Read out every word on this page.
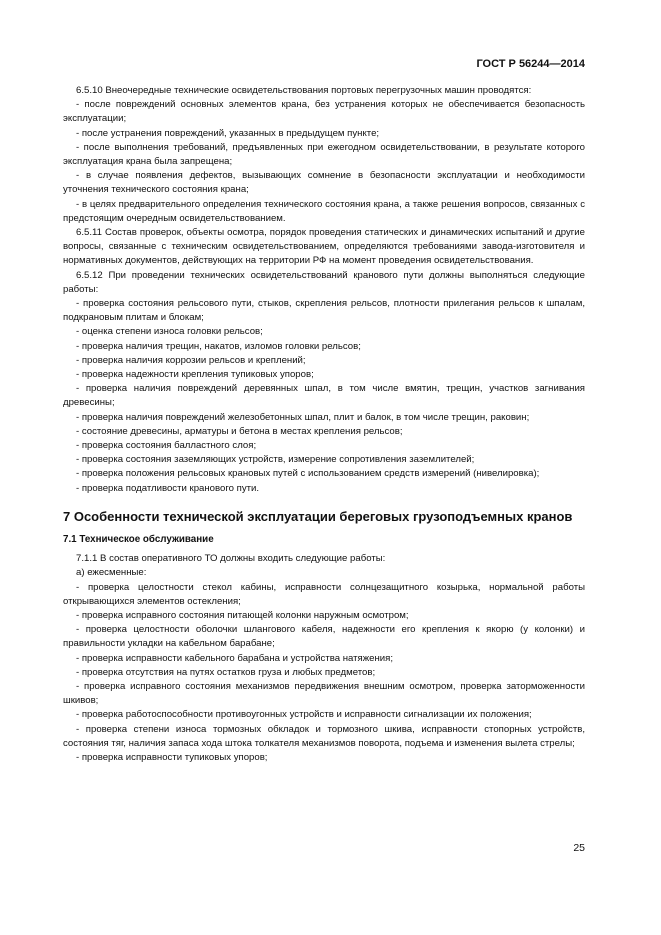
ГОСТ Р 56244—2014

6.5.10 Внеочередные технические освидетельствования портовых перегрузочных машин проводятся:

- после повреждений основных элементов крана, без устранения которых не обеспечивается безопасность эксплуатации;

- после устранения повреждений, указанных в предыдущем пункте;

- после выполнения требований, предъявленных при ежегодном освидетельствовании, в результате которого эксплуатация крана была запрещена;

- в случае появления дефектов, вызывающих сомнение в безопасности эксплуатации и необходимости уточнения технического состояния крана;

- в целях предварительного определения технического состояния крана, а также решения вопросов, связанных с предстоящим очередным освидетельствованием.

6.5.11 Состав проверок, объекты осмотра, порядок проведения статических и динамических испытаний и другие вопросы, связанные с техническим освидетельствованием, определяются требованиями завода-изготовителя и нормативных документов, действующих на территории РФ на момент проведения освидетельствования.

6.5.12 При проведении технических освидетельствований кранового пути должны выполняться следующие работы:

- проверка состояния рельсового пути, стыков, скрепления рельсов, плотности прилегания рельсов к шпалам, подкрановым плитам и блокам;

- оценка степени износа головки рельсов;

- проверка наличия трещин, накатов, изломов головки рельсов;

- проверка наличия коррозии рельсов и креплений;

- проверка надежности крепления тупиковых упоров;

- проверка наличия повреждений деревянных шпал, в том числе вмятин, трещин, участков загнивания древесины;

- проверка наличия повреждений железобетонных шпал, плит и балок, в том числе трещин, раковин;

- состояние древесины, арматуры и бетона в местах крепления рельсов;

- проверка состояния балластного слоя;

- проверка состояния заземляющих устройств, измерение сопротивления заземлителей;

- проверка положения рельсовых крановых путей с использованием средств измерений (нивелировка);

- проверка податливости кранового пути.

7 Особенности технической эксплуатации береговых грузоподъемных кранов
7.1 Техническое обслуживание

7.1.1 В состав оперативного ТО должны входить следующие работы:

а) ежесменные:

- проверка целостности стекол кабины, исправности солнцезащитного козырька, нормальной работы открывающихся элементов остекления;

- проверка исправного состояния питающей колонки наружным осмотром;

- проверка целостности оболочки шлангового кабеля, надежности его крепления к якорю (у колонки) и правильности укладки на кабельном барабане;

- проверка исправности кабельного барабана и устройства натяжения;

- проверка отсутствия на путях остатков груза и любых предметов;

- проверка исправного состояния механизмов передвижения внешним осмотром, проверка заторможенности шкивов;

- проверка работоспособности противоугонных устройств и исправности сигнализации их положения;

- проверка степени износа тормозных обкладок и тормозного шкива, исправности стопорных устройств, состояния тяг, наличия запаса хода штока толкателя механизмов поворота, подъема и изменения вылета стрелы;

- проверка исправности тупиковых упоров;

25
